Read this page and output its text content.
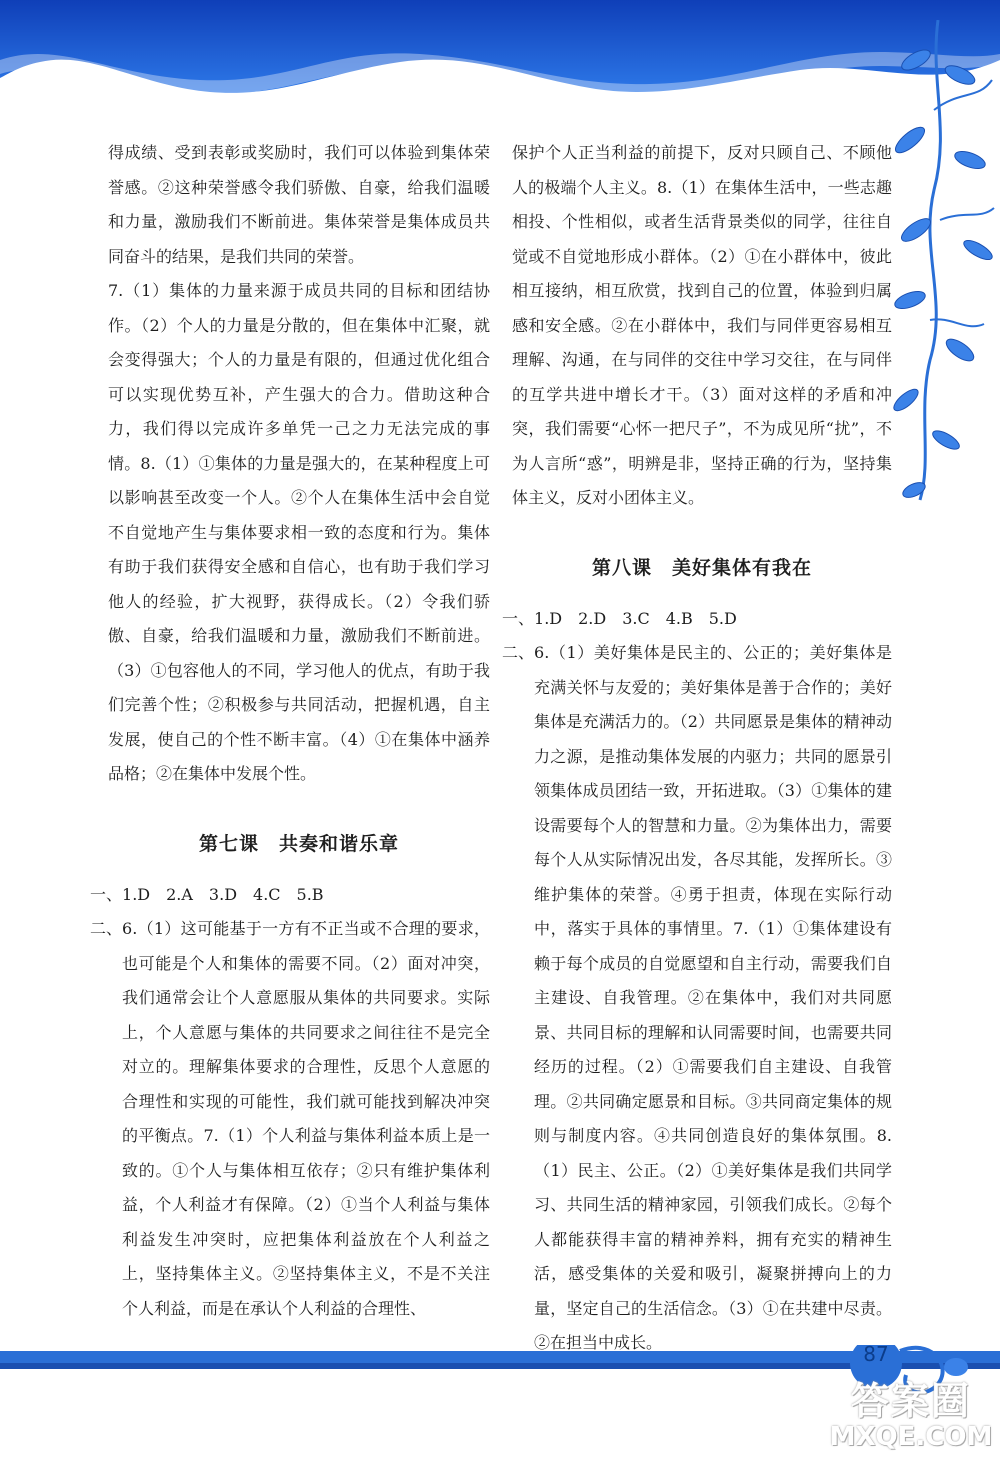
87
答案圈
MXQE.COM

得成绩、受到表彰或奖励时，我们可以体验到集体荣誉感。②这种荣誉感令我们骄傲、自豪，给我们温暖和力量，激励我们不断前进。集体荣誉是集体成员共同奋斗的结果，是我们共同的荣誉。

7.（1）集体的力量来源于成员共同的目标和团结协作。（2）个人的力量是分散的，但在集体中汇聚，就会变得强大；个人的力量是有限的，但通过优化组合可以实现优势互补，产生强大的合力。借助这种合力，我们得以完成许多单凭一己之力无法完成的事情。8.（1）①集体的力量是强大的，在某种程度上可以影响甚至改变一个人。②个人在集体生活中会自觉不自觉地产生与集体要求相一致的态度和行为。集体有助于我们获得安全感和自信心，也有助于我们学习他人的经验，扩大视野，获得成长。（2）令我们骄傲、自豪，给我们温暖和力量，激励我们不断前进。（3）①包容他人的不同，学习他人的优点，有助于我们完善个性；②积极参与共同活动，把握机遇，自主发展，使自己的个性不断丰富。（4）①在集体中涵养品格；②在集体中发展个性。

第七课　共奏和谐乐章
一、 1.D　2.A　3.D　4.C　5.B
二、 6.（1）这可能基于一方有不正当或不合理的要求，也可能是个人和集体的需要不同。（2）面对冲突，我们通常会让个人意愿服从集体的共同要求。实际上，个人意愿与集体的共同要求之间往往不是完全对立的。理解集体要求的合理性，反思个人意愿的合理性和实现的可能性，我们就可能找到解决冲突的平衡点。7.（1）个人利益与集体利益本质上是一致的。①个人与集体相互依存；②只有维护集体利益，个人利益才有保障。（2）①当个人利益与集体利益发生冲突时，应把集体利益放在个人利益之上，坚持集体主义。②坚持集体主义，不是不关注个人利益，而是在承认个人利益的合理性、

保护个人正当利益的前提下，反对只顾自己、不顾他人的极端个人主义。8.（1）在集体生活中，一些志趣相投、个性相似，或者生活背景类似的同学，往往自觉或不自觉地形成小群体。（2）①在小群体中，彼此相互接纳，相互欣赏，找到自己的位置，体验到归属感和安全感。②在小群体中，我们与同伴更容易相互理解、沟通，在与同伴的交往中学习交往，在与同伴的互学共进中增长才干。（3）面对这样的矛盾和冲突，我们需要“心怀一把尺子”，不为成见所“扰”，不为人言所“惑”，明辨是非，坚持正确的行为，坚持集体主义，反对小团体主义。

第八课　美好集体有我在
一、 1.D　2.D　3.C　4.B　5.D
二、 6.（1）美好集体是民主的、公正的；美好集体是充满关怀与友爱的；美好集体是善于合作的；美好集体是充满活力的。（2）共同愿景是集体的精神动力之源，是推动集体发展的内驱力；共同的愿景引领集体成员团结一致，开拓进取。（3）①集体的建设需要每个人的智慧和力量。②为集体出力，需要每个人从实际情况出发，各尽其能，发挥所长。③维护集体的荣誉。④勇于担责，体现在实际行动中，落实于具体的事情里。7.（1）①集体建设有赖于每个成员的自觉愿望和自主行动，需要我们自主建设、自我管理。②在集体中，我们对共同愿景、共同目标的理解和认同需要时间，也需要共同经历的过程。（2）①需要我们自主建设、自我管理。②共同确定愿景和目标。③共同商定集体的规则与制度内容。④共同创造良好的集体氛围。8.（1）民主、公正。（2）①美好集体是我们共同学习、共同生活的精神家园，引领我们成长。②每个人都能获得丰富的精神养料，拥有充实的精神生活，感受集体的关爱和吸引，凝聚拼搏向上的力量，坚定自己的生活信念。（3）①在共建中尽责。②在担当中成长。
